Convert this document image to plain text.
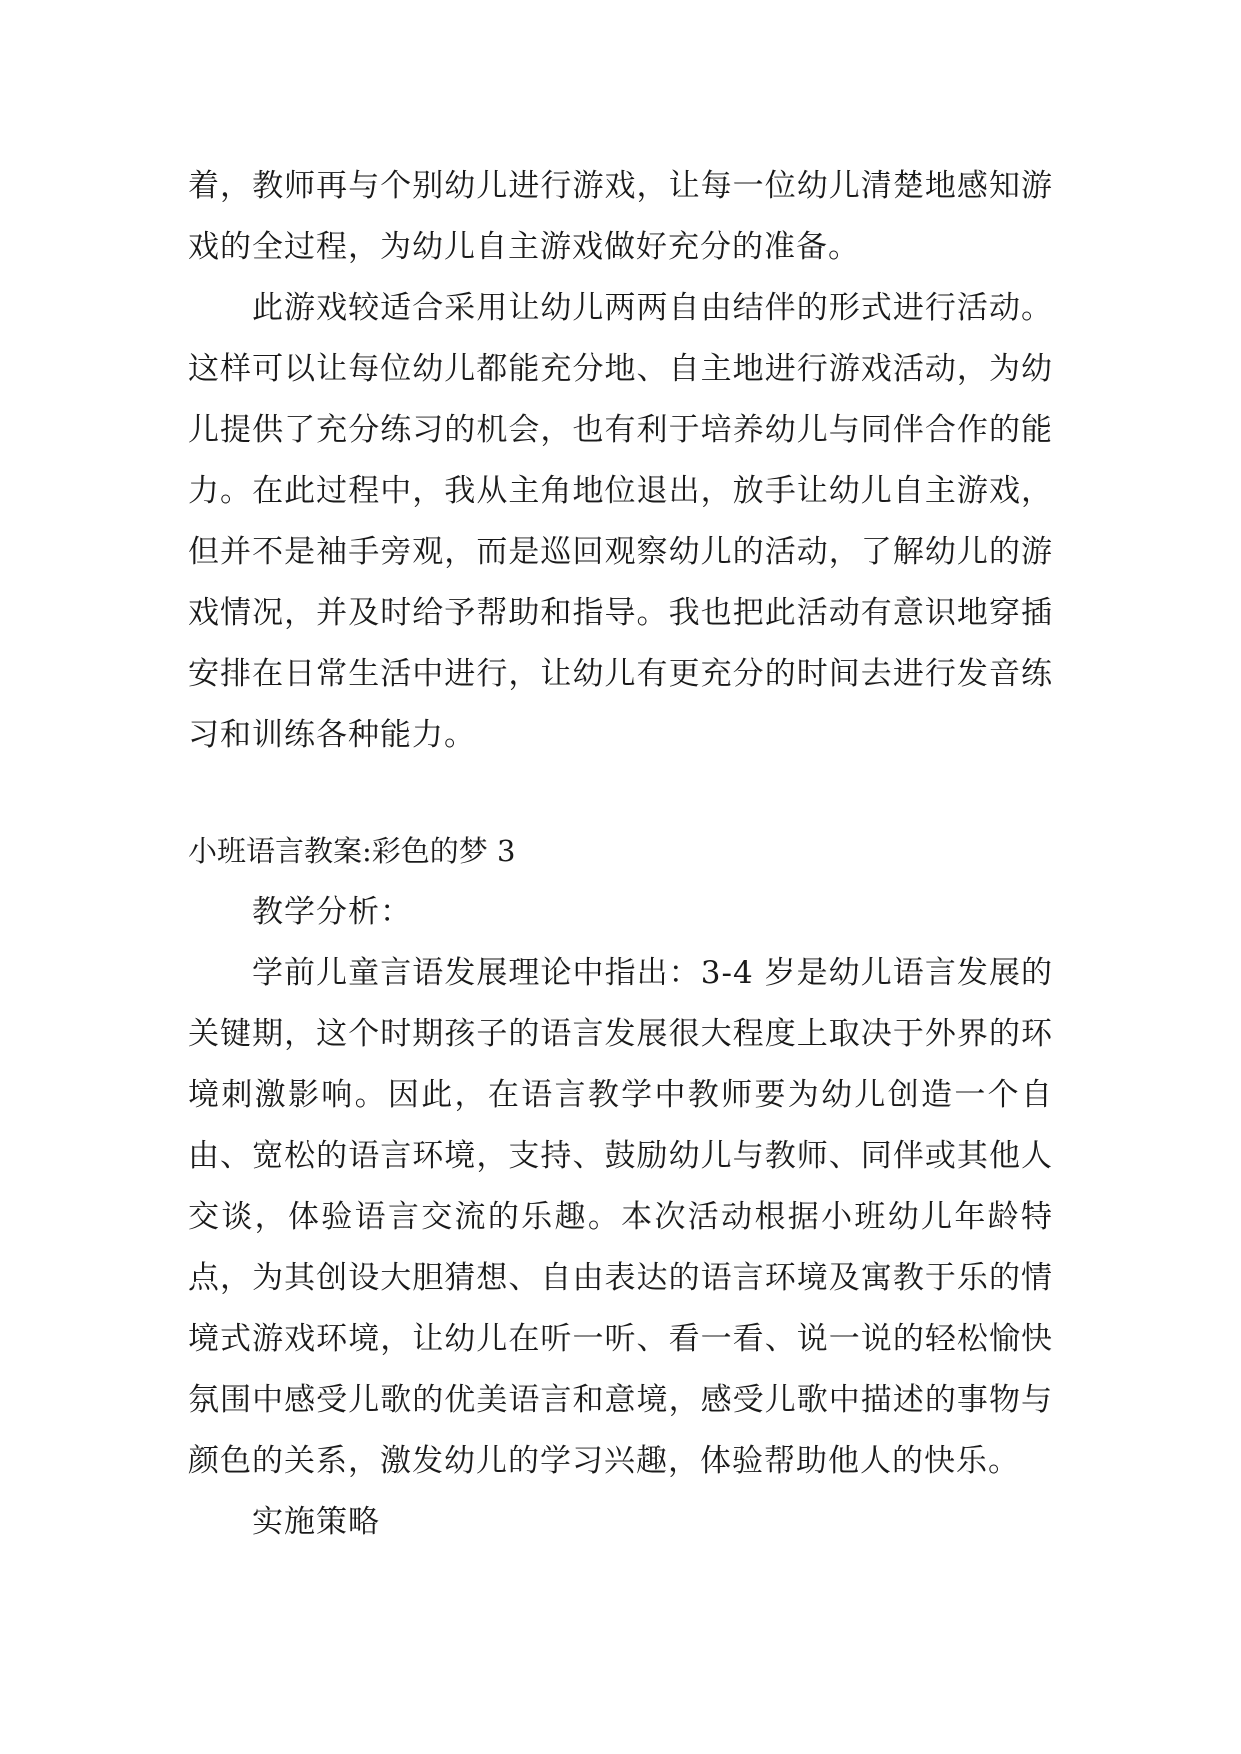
着，教师再与个别幼儿进行游戏，让每一位幼儿清楚地感知游戏的全过程，为幼儿自主游戏做好充分的准备。

此游戏较适合采用让幼儿两两自由结伴的形式进行活动。这样可以让每位幼儿都能充分地、自主地进行游戏活动，为幼儿提供了充分练习的机会，也有利于培养幼儿与同伴合作的能力。在此过程中，我从主角地位退出，放手让幼儿自主游戏，但并不是袖手旁观，而是巡回观察幼儿的活动，了解幼儿的游戏情况，并及时给予帮助和指导。我也把此活动有意识地穿插安排在日常生活中进行，让幼儿有更充分的时间去进行发音练习和训练各种能力。

小班语言教案:彩色的梦 3

教学分析：

学前儿童言语发展理论中指出：3-4 岁是幼儿语言发展的关键期，这个时期孩子的语言发展很大程度上取决于外界的环境刺激影响。因此，在语言教学中教师要为幼儿创造一个自由、宽松的语言环境，支持、鼓励幼儿与教师、同伴或其他人交谈，体验语言交流的乐趣。本次活动根据小班幼儿年龄特点，为其创设大胆猜想、自由表达的语言环境及寓教于乐的情境式游戏环境，让幼儿在听一听、看一看、说一说的轻松愉快氛围中感受儿歌的优美语言和意境，感受儿歌中描述的事物与颜色的关系，激发幼儿的学习兴趣，体验帮助他人的快乐。

实施策略
